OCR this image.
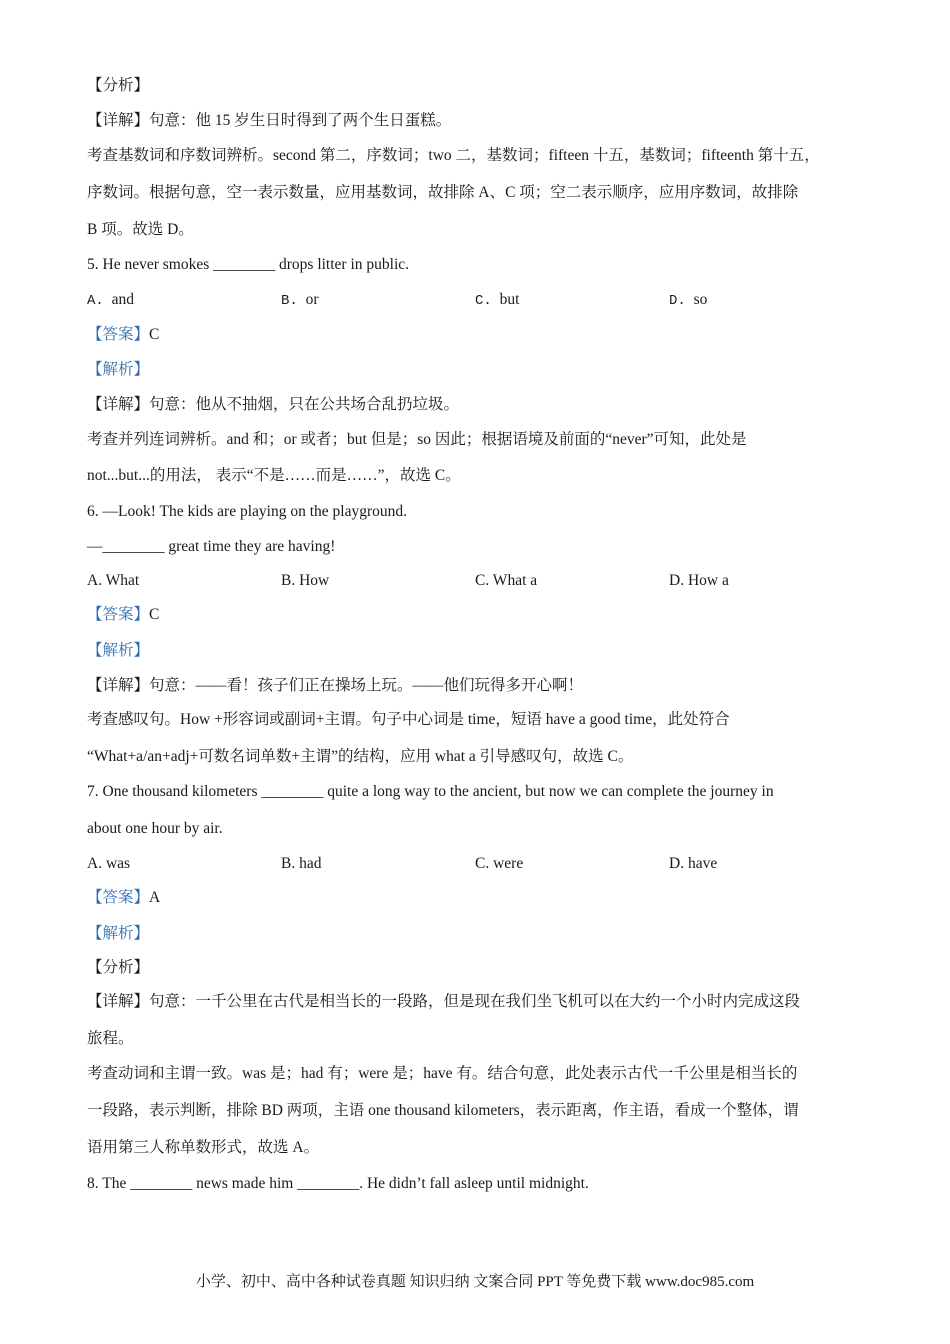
【分析】
【详解】句意：他 15 岁生日时得到了两个生日蛋糕。
考查基数词和序数词辨析。second 第二，序数词；two 二，基数词；fifteen 十五，基数词；fifteenth 第十五，
序数词。根据句意，空一表示数量，应用基数词，故排除 A、C 项；空二表示顺序，应用序数词，故排除
B 项。故选 D。
5. He never smokes ________ drops litter in public.
A. and	B. or	C. but	D. so
【答案】C
【解析】
【详解】句意：他从不抽烟，只在公共场合乱扔垃圾。
考查并列连词辨析。and 和；or 或者；but 但是；so 因此；根据语境及前面的“never”可知，此处是
not...but...的用法， 表示“不是……而是……”，故选 C。
6. —Look! The kids are playing on the playground.
—________ great time they are having!
A. What	B. How	C. What a	D. How a
【答案】C
【解析】
【详解】句意：——看！孩子们正在操场上玩。——他们玩得多开心啊！
考查感叹句。How +形容词或副词+主谓。句子中心词是 time，短语 have a good time，此处符合
“What+a/an+adj+可数名词单数+主谓”的结构，应用 what a 引导感叹句，故选 C。
7. One thousand kilometers ________ quite a long way to the ancient, but now we can complete the journey in
about one hour by air.
A. was	B. had	C. were	D. have
【答案】A
【解析】
【分析】
【详解】句意：一千公里在古代是相当长的一段路，但是现在我们坐飞机可以在大约一个小时内完成这段
旅程。
考查动词和主谓一致。was 是；had 有；were 是；have 有。结合句意，此处表示古代一千公里是相当长的
一段路，表示判断，排除 BD 两项，主语 one thousand kilometers，表示距离，作主语，看成一个整体，谓
语用第三人称单数形式，故选 A。
8. The ________ news made him ________. He didn’t fall asleep until midnight.
小学、初中、高中各种试卷真题 知识归纳 文案合同 PPT 等免费下载 www.doc985.com
